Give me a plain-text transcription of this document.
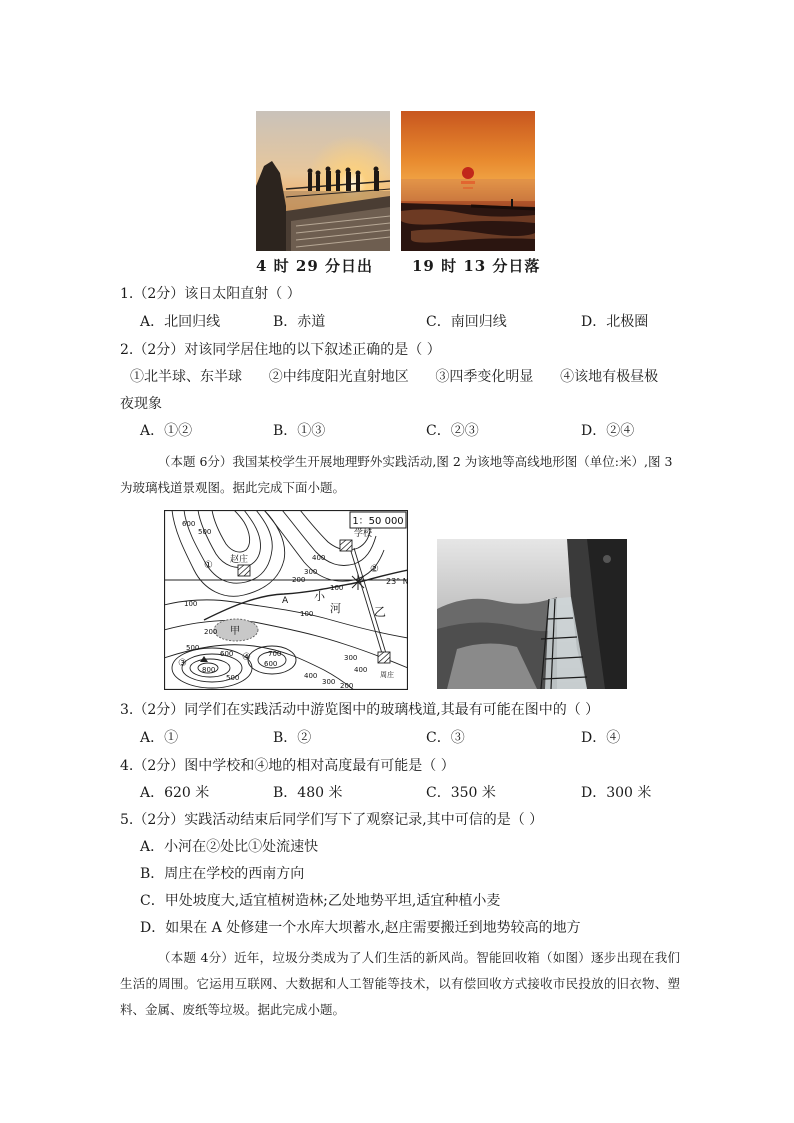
4 时 29 分日出	19 时 13 分日落
1.（2分）该日太阳直射（ ）
A．北回归线	B．赤道	C．南回归线	D．北极圈
2.（2分）对该同学居住地的以下叙述正确的是（ ）
①北半球、东半球      ②中纬度阳光直射地区      ③四季变化明显      ④该地有极昼极
夜现象
A．①②	B．①③	C．②③	D．②④
（本题 6分）我国某校学生开展地理野外实践活动,图 2 为该地等高线地形图（单位:米）,图 3 为玻璃栈道景观图。据此完成下面小题。
1：50 000
赵庄
学校
周庄
23° N
A 小
河
甲
乙
①	②
③
④
600
500
400
300
200
100
100
100
200
300
400
500
600	700
800
600
500
400
300 200
3.（2分）同学们在实践活动中游览图中的玻璃栈道,其最有可能在图中的（ ）
A．①	B．②	C．③	D．④
4.（2分）图中学校和④地的相对高度最有可能是（ ）
A．620 米	B．480 米	C．350 米	D．300 米
5.（2分）实践活动结束后同学们写下了观察记录,其中可信的是（ ）
A．小河在②处比①处流速快
B．周庄在学校的西南方向
C．甲处坡度大,适宜植树造林;乙处地势平坦,适宜种植小麦
D．如果在 A 处修建一个水库大坝蓄水,赵庄需要搬迁到地势较高的地方
（本题 4分）近年，垃圾分类成为了人们生活的新风尚。智能回收箱（如图）逐步出现在我们生活的周围。它运用互联网、大数据和人工智能等技术，以有偿回收方式接收市民投放的旧衣物、塑料、金属、废纸等垃圾。据此完成小题。
